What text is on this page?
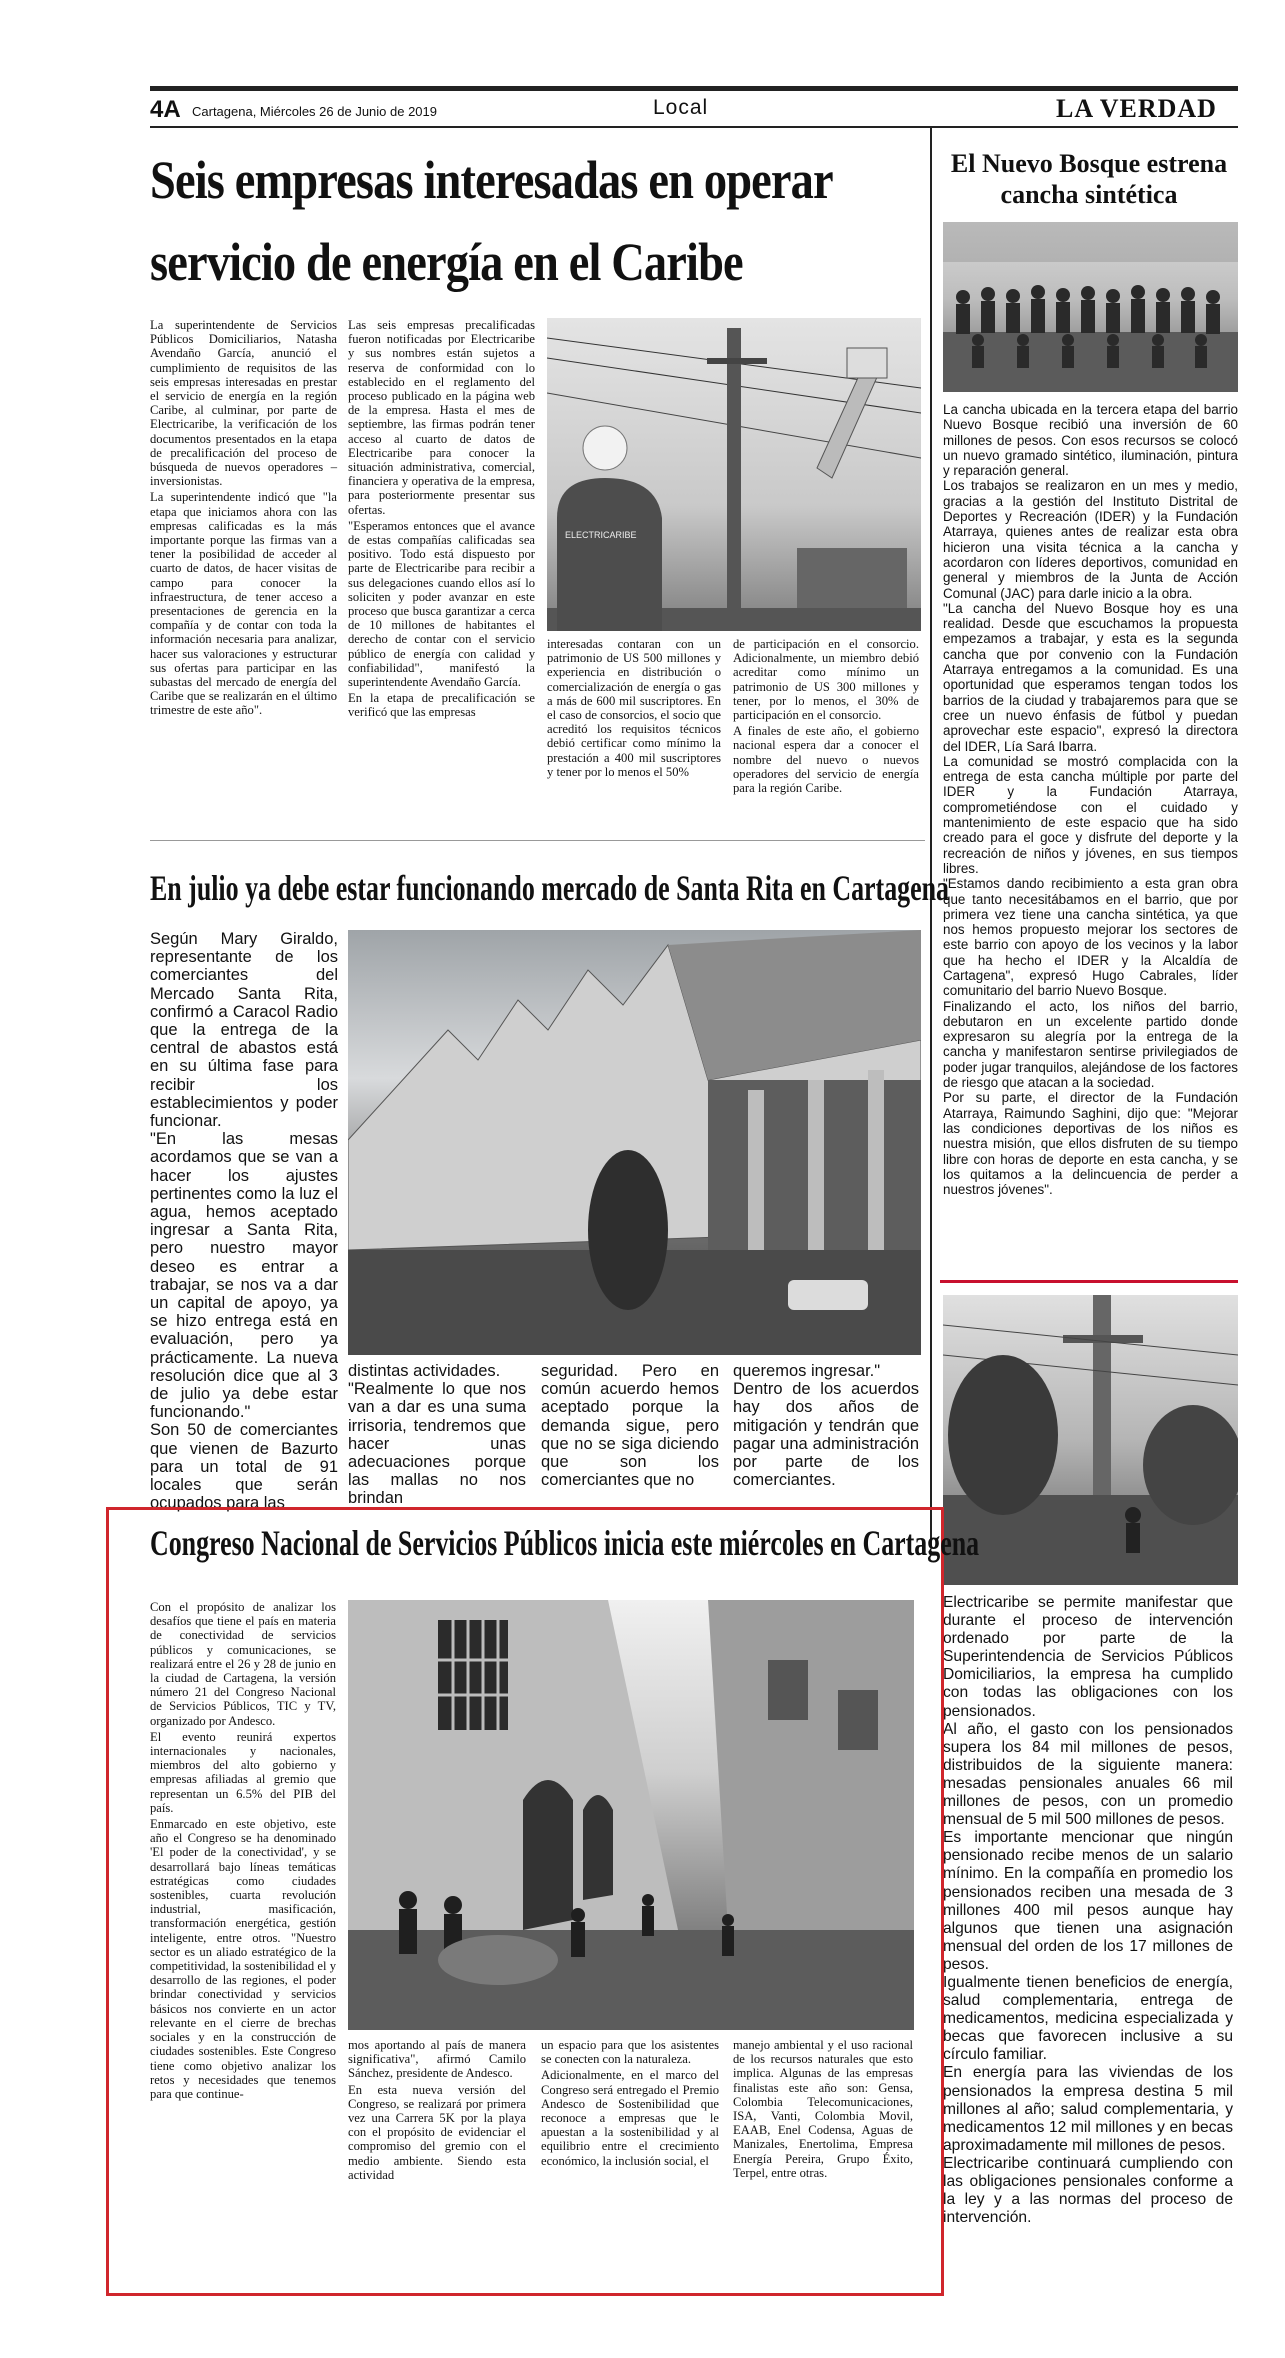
4A Cartagena, Miércoles 26 de Junio de 2019	Local	LA VERDAD
Seis empresas interesadas en operar
servicio de energía en el Caribe

La superintendente de Servicios Públicos Domiciliarios, Natasha Avendaño García, anunció el cumplimiento de requisitos de las seis empresas interesadas en prestar el servicio de energía en la región Caribe, al culminar, por parte de Electricaribe, la verificación de los documentos presentados en la etapa de precalificación del proceso de búsqueda de nuevos operadores – inversionistas.

La superintendente indicó que "la etapa que iniciamos ahora con las empresas calificadas es la más importante porque las firmas van a tener la posibilidad de acceder al cuarto de datos, de hacer visitas de campo para conocer la infraestructura, de tener acceso a presentaciones de gerencia en la compañía y de contar con toda la información necesaria para analizar, hacer sus valoraciones y estructurar sus ofertas para participar en las subastas del mercado de energía del Caribe que se realizarán en el último trimestre de este año".

Las seis empresas precalificadas fueron notificadas por Electricaribe y sus nombres están sujetos a reserva de conformidad con lo establecido en el reglamento del proceso publicado en la página web de la empresa. Hasta el mes de septiembre, las firmas podrán tener acceso al cuarto de datos de Electricaribe para conocer la situación administrativa, comercial, financiera y operativa de la empresa, para posteriormente presentar sus ofertas.

"Esperamos entonces que el avance de estas compañías calificadas sea positivo. Todo está dispuesto por parte de Electricaribe para recibir a sus delegaciones cuando ellos así lo soliciten y poder avanzar en este proceso que busca garantizar a cerca de 10 millones de habitantes el derecho de contar con el servicio público de energía con calidad y confiabilidad", manifestó la superintendente Avendaño García.

En la etapa de precalificación se verificó que las empresas

ELECTRICARIBE

interesadas contaran con un patrimonio de US 500 millones y experiencia en distribución o comercialización de energía o gas a más de 600 mil suscriptores. En el caso de consorcios, el socio que acreditó los requisitos técnicos debió certificar como mínimo la prestación a 400 mil suscriptores y tener por lo menos el 50%

de participación en el consorcio. Adicionalmente, un miembro debió acreditar como mínimo un patrimonio de US 300 millones y tener, por lo menos, el 30% de participación en el consorcio.

A finales de este año, el gobierno nacional espera dar a conocer el nombre del nuevo o nuevos operadores del servicio de energía para la región Caribe.

En julio ya debe estar funcionando mercado de Santa Rita en Cartagena

Según Mary Giraldo, representante de los comerciantes del Mercado Santa Rita, confirmó a Caracol Radio que la entrega de la central de abastos está en su última fase para recibir los establecimientos y poder funcionar.

"En las mesas acordamos que se van a hacer los ajustes pertinentes como la luz el agua, hemos aceptado ingresar a Santa Rita, pero nuestro mayor deseo es entrar a trabajar, se nos va a dar un capital de apoyo, ya se hizo entrega está en evaluación, pero ya prácticamente. La nueva resolución dice que al 3 de julio ya debe estar funcionando."

Son 50 de comerciantes que vienen de Bazurto para un total de 91 locales que serán ocupados para las

distintas actividades.

"Realmente lo que nos van a dar es una suma irrisoria, tendremos que hacer unas adecuaciones porque las mallas no nos brindan

seguridad. Pero en común acuerdo hemos aceptado porque la demanda sigue, pero que no se siga diciendo que son los comerciantes que no

queremos ingresar."

Dentro de los acuerdos hay dos años de mitigación y tendrán que pagar una administración por parte de los comerciantes.

El Nuevo Bosque estrena cancha sintética

La cancha ubicada en la tercera etapa del barrio Nuevo Bosque recibió una inversión de 60 millones de pesos. Con esos recursos se colocó un nuevo gramado sintético, iluminación, pintura y reparación general.

Los trabajos se realizaron en un mes y medio, gracias a la gestión del Instituto Distrital de Deportes y Recreación (IDER) y la Fundación Atarraya, quienes antes de realizar esta obra hicieron una visita técnica a la cancha y acordaron con líderes deportivos, comunidad en general y miembros de la Junta de Acción Comunal (JAC) para darle inicio a la obra.

"La cancha del Nuevo Bosque hoy es una realidad. Desde que escuchamos la propuesta empezamos a trabajar, y esta es la segunda cancha que por convenio con la Fundación Atarraya entregamos a la comunidad. Es una oportunidad que esperamos tengan todos los barrios de la ciudad y trabajaremos para que se cree un nuevo énfasis de fútbol y puedan aprovechar este espacio", expresó la directora del IDER, Lía Sará Ibarra.

La comunidad se mostró complacida con la entrega de esta cancha múltiple por parte del IDER y la Fundación Atarraya, comprometiéndose con el cuidado y mantenimiento de este espacio que ha sido creado para el goce y disfrute del deporte y la recreación de niños y jóvenes, en sus tiempos libres.

"Estamos dando recibimiento a esta gran obra que tanto necesitábamos en el barrio, que por primera vez tiene una cancha sintética, ya que nos hemos propuesto mejorar los sectores de este barrio con apoyo de los vecinos y la labor que ha hecho el IDER y la Alcaldía de Cartagena", expresó Hugo Cabrales, líder comunitario del barrio Nuevo Bosque.

Finalizando el acto, los niños del barrio, debutaron en un excelente partido donde expresaron su alegría por la entrega de la cancha y manifestaron sentirse privilegiados de poder jugar tranquilos, alejándose de los factores de riesgo que atacan a la sociedad.

Por su parte, el director de la Fundación Atarraya, Raimundo Saghini, dijo que: "Mejorar las condiciones deportivas de los niños es nuestra misión, que ellos disfruten de su tiempo libre con horas de deporte en esta cancha, y se los quitamos a la delincuencia de perder a nuestros jóvenes".

Electricaribe se permite manifestar que durante el proceso de intervención ordenado por parte de la Superintendencia de Servicios Públicos Domiciliarios, la empresa ha cumplido con todas las obligaciones con los pensionados.

Al año, el gasto con los pensionados supera los 84 mil millones de pesos, distribuidos de la siguiente manera: mesadas pensionales anuales 66 mil millones de pesos, con un promedio mensual de 5 mil 500 millones de pesos.

Es importante mencionar que ningún pensionado recibe menos de un salario mínimo. En la compañía en promedio los pensionados reciben una mesada de 3 millones 400 mil pesos aunque hay algunos que tienen una asignación mensual del orden de los 17 millones de pesos.

Igualmente tienen beneficios de energía, salud complementaria, entrega de medicamentos, medicina especializada y becas que favorecen inclusive a su círculo familiar.

En energía para las viviendas de los pensionados la empresa destina 5 mil millones al año; salud complementaria, y medicamentos 12 mil millones y en becas aproximadamente mil millones de pesos.

Electricaribe continuará cumpliendo con las obligaciones pensionales conforme a la ley y a las normas del proceso de intervención.

Congreso Nacional de Servicios Públicos inicia este miércoles en Cartagena

Con el propósito de analizar los desafíos que tiene el país en materia de conectividad de servicios públicos y comunicaciones, se realizará entre el 26 y 28 de junio en la ciudad de Cartagena, la versión número 21 del Congreso Nacional de Servicios Públicos, TIC y TV, organizado por Andesco.

El evento reunirá expertos internacionales y nacionales, miembros del alto gobierno y empresas afiliadas al gremio que representan un 6.5% del PIB del país.

Enmarcado en este objetivo, este año el Congreso se ha denominado 'El poder de la conectividad', y se desarrollará bajo líneas temáticas estratégicas como ciudades sostenibles, cuarta revolución industrial, masificación, transformación energética, gestión inteligente, entre otros. "Nuestro sector es un aliado estratégico de la competitividad, la sostenibilidad el y desarrollo de las regiones, el poder brindar conectividad y servicios básicos nos convierte en un actor relevante en el cierre de brechas sociales y en la construcción de ciudades sostenibles. Este Congreso tiene como objetivo analizar los retos y necesidades que tenemos para que continue-

mos aportando al país de manera significativa", afirmó Camilo Sánchez, presidente de Andesco.

En esta nueva versión del Congreso, se realizará por primera vez una Carrera 5K por la playa con el propósito de evidenciar el compromiso del gremio con el medio ambiente. Siendo esta actividad

un espacio para que los asistentes se conecten con la naturaleza.

Adicionalmente, en el marco del Congreso será entregado el Premio Andesco de Sostenibilidad que reconoce a empresas que le apuestan a la sostenibilidad y al equilibrio entre el crecimiento económico, la inclusión social, el

manejo ambiental y el uso racional de los recursos naturales que esto implica. Algunas de las empresas finalistas este año son: Gensa, Colombia Telecomunicaciones, ISA, Vanti, Colombia Movil, EAAB, Enel Codensa, Aguas de Manizales, Enertolima, Empresa Energía Pereira, Grupo Éxito, Terpel, entre otras.
